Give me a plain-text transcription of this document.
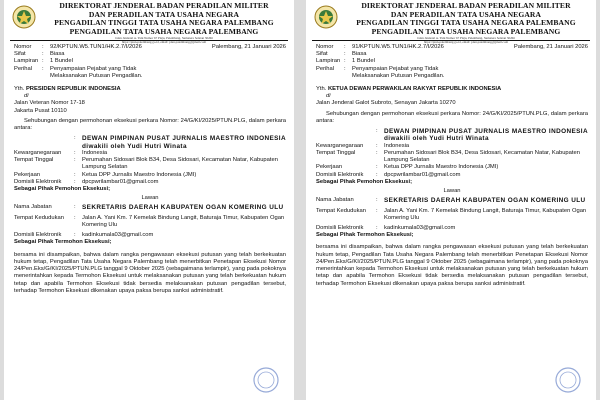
DIREKTORAT JENDERAL BADAN PERADILAN MILITER
DAN PERADILAN TATA USAHA NEGARA
PENGADILAN TINGGI TATA USAHA NEGARA PALEMBANG
PENGADILAN TATA USAHA NEGARA PALEMBANG
Jalan Jenderal A. Yani Nomor 67 Plaju, Palembang, Sumatera Selatan 30266
https://ptun-palembang.go.id, email: ptun.palembang@gmail.com
Palembang, 21 Januari 2026
Nomor	:	92/KPTUN.W5.TUN1/HK.2.7/I/2026
Sifat	:	Biasa
Lampiran :	1 Bundel
Perihal	:	Penyampaian Pejabat yang Tidak Melaksanakan Putusan Pengadilan.
Yth. PRESIDEN REPUBLIK INDONESIA
di
Jalan Veteran Nomor 17-18
Jakarta Pusat 10110
Sehubungan dengan permohonan eksekusi perkara Nomor: 24/G/KI/2025/PTUN.PLG, dalam perkara antara:
: DEWAN PIMPINAN PUSAT JURNALIS MAESTRO INDONESIA diwakili oleh Yudi Hutri Winata
Kewarganegaraan	:	Indonesia
Tempat Tinggal	:	Perumahan Sidosari Blok B34, Desa Sidosari, Kecamatan Natar, Kabupaten Lampung Selatan
Pekerjaan	:	Ketua DPP Jurnalis Maestro Indonesia (JMI)
Domisili Elektronik	:	dpcpwrilambar01@gmail.com
Sebagai Pihak Pemohon Eksekusi;
Lawan
Nama Jabatan	: SEKRETARIS DAERAH KABUPATEN OGAN KOMERING ULU
Tempat Kedudukan	:	Jalan A. Yani Km. 7 Kemelak Bindung Langit, Baturaja Timur, Kabupaten Ogan Komering Ulu
Domisili Elektronik	:	kadinkumala03@gmail.com
Sebagai Pihak Termohon Eksekusi;
bersama ini disampaikan, bahwa dalam rangka pengawasan eksekusi putusan yang telah berkekuatan hukum tetap, Pengadilan Tata Usaha Negara Palembang telah menerbitkan Penetapan Eksekusi Nomor 24/Pen.Eks/G/KI/2025/PTUN.PLG tanggal 9 Oktober 2025 (sebagaimana terlampir), yang pada pokoknya menerintahkan kepada Termohon Eksekusi untuk melaksanakan putusan yang telah berkekuatan hukum tetap dan apabila Termohon Eksekusi tidak bersedia melaksanakan putusan pengadilan tersebut, terhadap Termohon Eksekusi dikenakan upaya paksa berupa sanksi administratif.
DIREKTORAT JENDERAL BADAN PERADILAN MILITER
DAN PERADILAN TATA USAHA NEGARA
PENGADILAN TINGGI TATA USAHA NEGARA PALEMBANG
PENGADILAN TATA USAHA NEGARA PALEMBANG
Jalan Jenderal A. Yani Nomor 67 Plaju, Palembang, Sumatera Selatan 30266
https://ptun-palembang.go.id, email: ptun.palembang@gmail.com
Palembang, 21 Januari 2026
Nomor	:	91/KPTUN.W5.TUN1/HK.2.7/I/2026
Sifat	:	Biasa
Lampiran :	1 Bundel
Perihal	:	Penyampaian Pejabat yang Tidak Melaksanakan Putusan Pengadilan.
Yth. KETUA DEWAN PERWAKILAN RAKYAT REPUBLIK INDONESIA
di
Jalan Jenderal Galot Subroto, Senayan Jakarta 10270
Sehubungan dengan permohonan eksekusi perkara Nomor: 24/G/KI/2025/PTUN.PLG, dalam perkara antara:
: DEWAN PIMPINAN PUSAT JURNALIS MAESTRO INDONESIA diwakili oleh Yudi Hutri Winata
Kewarganegaraan	:	Indonesia
Tempat Tinggal	:	Perumahan Sidosari Blok B34, Desa Sidosari, Kecamatan Natar, Kabupaten Lampung Selatan
Pekerjaan	:	Ketua DPP Jurnalis Maestro Indonesia (JMI)
Domisili Elektronik	:	dpcpwrilambar01@gmail.com
Sebagai Pihak Pemohon Eksekusi;
Lawan
Nama Jabatan	: SEKRETARIS DAERAH KABUPATEN OGAN KOMERING ULU
Tempat Kedudukan	:	Jalan A. Yani Km. 7 Kemelak Bindung Langit, Baturaja Timur, Kabupaten Ogan Komering Ulu
Domisili Elektronik	:	kadinkumala03@gmail.com
Sebagai Pihak Termohon Eksekusi;
bersama ini disampaikan, bahwa dalam rangka pengawasan eksekusi putusan yang telah berkekuatan hukum tetap, Pengadilan Tata Usaha Negara Palembang telah menerbitkan Penetapan Eksekusi Nomor 24/Pen.Eks/G/KI/2025/PTUN.PLG tanggal 9 Oktober 2025 (sebagaimana terlampir), yang pada pokoknya menerintahkan kepada Termohon Eksekusi untuk melaksanakan putusan yang telah berkekuatan hukum tetap dan apabila Termohon Eksekusi tidak bersedia melaksanakan putusan pengadilan tersebut, terhadap Termohon Eksekusi dikenakan upaya paksa berupa sanksi administratif.
